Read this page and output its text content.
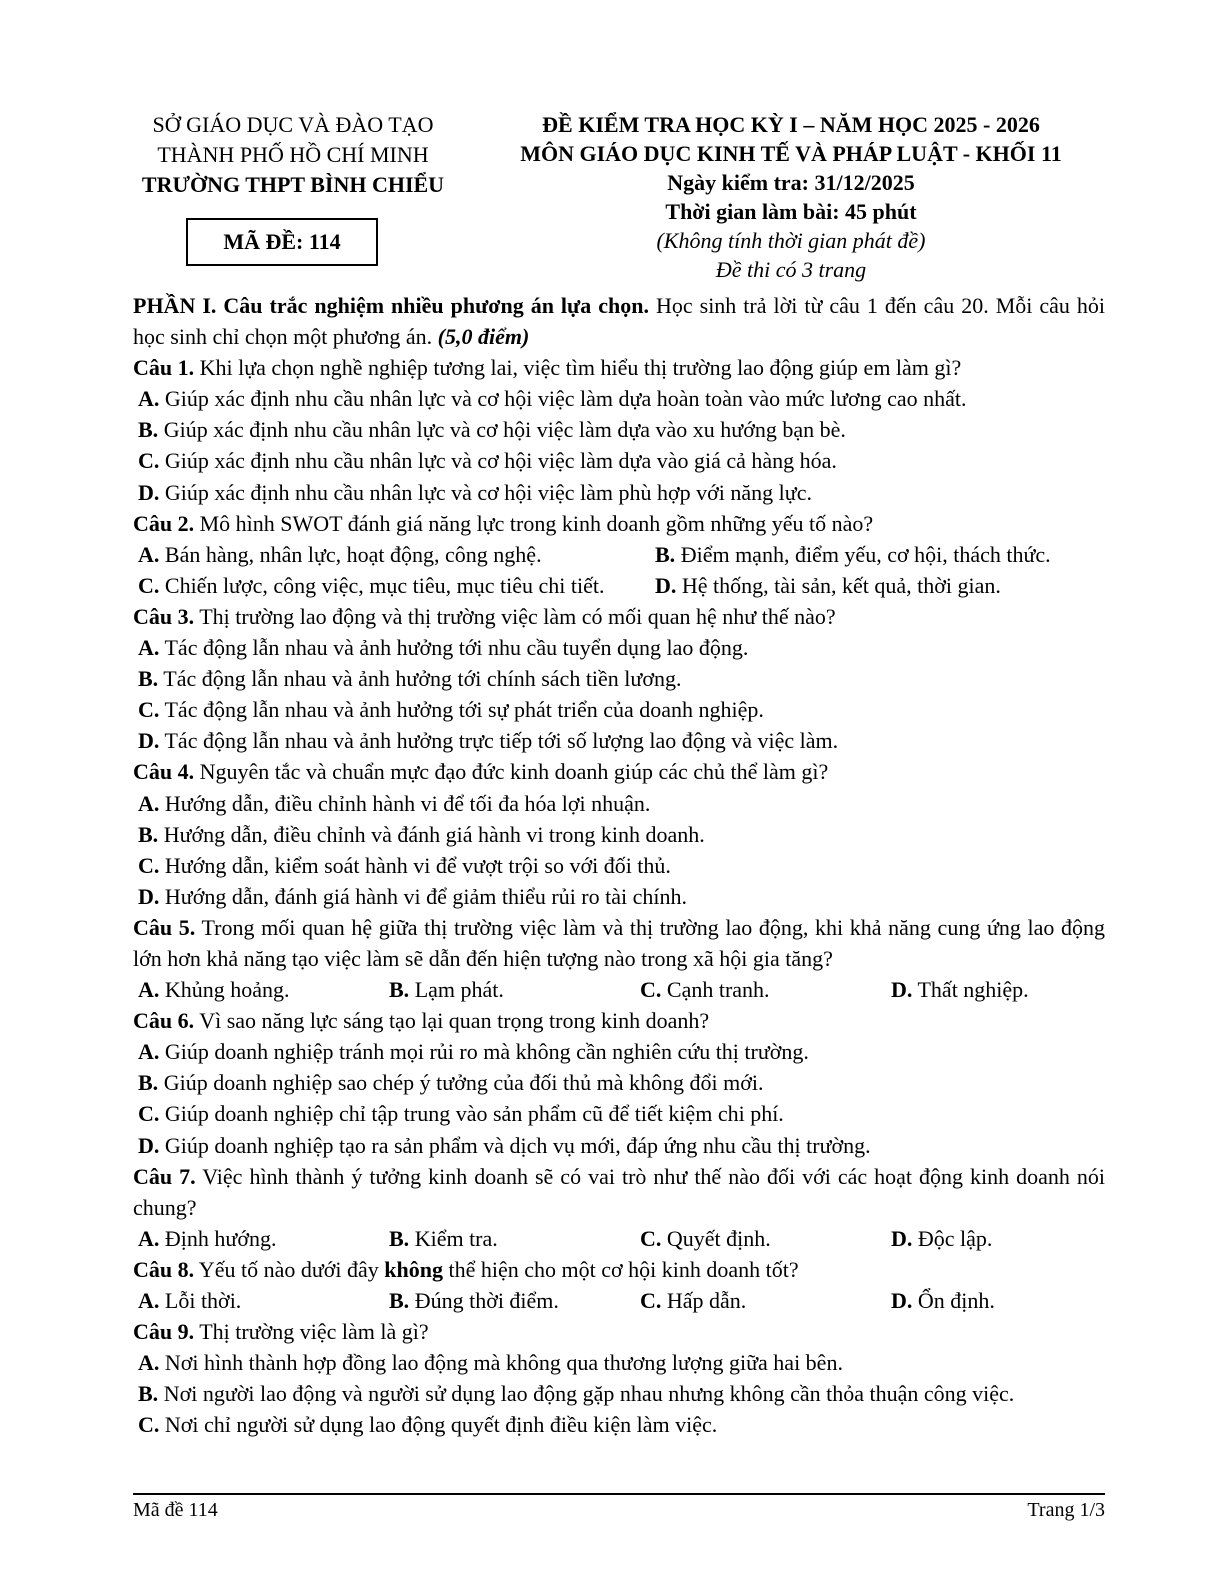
SỞ GIÁO DỤC VÀ ĐÀO TẠO
THÀNH PHỐ HỒ CHÍ MINH
TRƯỜNG THPT BÌNH CHIỂU
MÃ ĐỀ: 114
ĐỀ KIỂM TRA HỌC KỲ I – NĂM HỌC 2025 - 2026
MÔN GIÁO DỤC KINH TẾ VÀ PHÁP LUẬT - KHỐI 11
Ngày kiểm tra: 31/12/2025
Thời gian làm bài: 45 phút
(Không tính thời gian phát đề)
Đề thi có 3 trang

PHẦN I. Câu trắc nghiệm nhiều phương án lựa chọn. Học sinh trả lời từ câu 1 đến câu 20. Mỗi câu hỏi học sinh chỉ chọn một phương án. (5,0 điểm)

Câu 1. Khi lựa chọn nghề nghiệp tương lai, việc tìm hiểu thị trường lao động giúp em làm gì?

A. Giúp xác định nhu cầu nhân lực và cơ hội việc làm dựa hoàn toàn vào mức lương cao nhất.

B. Giúp xác định nhu cầu nhân lực và cơ hội việc làm dựa vào xu hướng bạn bè.

C. Giúp xác định nhu cầu nhân lực và cơ hội việc làm dựa vào giá cả hàng hóa.

D. Giúp xác định nhu cầu nhân lực và cơ hội việc làm phù hợp với năng lực.

Câu 2. Mô hình SWOT đánh giá năng lực trong kinh doanh gồm những yếu tố nào?

A. Bán hàng, nhân lực, hoạt động, công nghệ.	B. Điểm mạnh, điểm yếu, cơ hội, thách thức.
C. Chiến lược, công việc, mục tiêu, mục tiêu chi tiết.	D. Hệ thống, tài sản, kết quả, thời gian.

Câu 3. Thị trường lao động và thị trường việc làm có mối quan hệ như thế nào?

A. Tác động lẫn nhau và ảnh hưởng tới nhu cầu tuyển dụng lao động.

B. Tác động lẫn nhau và ảnh hưởng tới chính sách tiền lương.

C. Tác động lẫn nhau và ảnh hưởng tới sự phát triển của doanh nghiệp.

D. Tác động lẫn nhau và ảnh hưởng trực tiếp tới số lượng lao động và việc làm.

Câu 4. Nguyên tắc và chuẩn mực đạo đức kinh doanh giúp các chủ thể làm gì?

A. Hướng dẫn, điều chỉnh hành vi để tối đa hóa lợi nhuận.

B. Hướng dẫn, điều chỉnh và đánh giá hành vi trong kinh doanh.

C. Hướng dẫn, kiểm soát hành vi để vượt trội so với đối thủ.

D. Hướng dẫn, đánh giá hành vi để giảm thiểu rủi ro tài chính.

Câu 5. Trong mối quan hệ giữa thị trường việc làm và thị trường lao động, khi khả năng cung ứng lao động lớn hơn khả năng tạo việc làm sẽ dẫn đến hiện tượng nào trong xã hội gia tăng?

A. Khủng hoảng.	B. Lạm phát.	C. Cạnh tranh.	D. Thất nghiệp.

Câu 6. Vì sao năng lực sáng tạo lại quan trọng trong kinh doanh?

A. Giúp doanh nghiệp tránh mọi rủi ro mà không cần nghiên cứu thị trường.

B. Giúp doanh nghiệp sao chép ý tưởng của đối thủ mà không đổi mới.

C. Giúp doanh nghiệp chỉ tập trung vào sản phẩm cũ để tiết kiệm chi phí.

D. Giúp doanh nghiệp tạo ra sản phẩm và dịch vụ mới, đáp ứng nhu cầu thị trường.

Câu 7. Việc hình thành ý tưởng kinh doanh sẽ có vai trò như thế nào đối với các hoạt động kinh doanh nói chung?

A. Định hướng.	B. Kiểm tra.	C. Quyết định.	D. Độc lập.

Câu 8. Yếu tố nào dưới đây không thể hiện cho một cơ hội kinh doanh tốt?

A. Lỗi thời.	B. Đúng thời điểm.	C. Hấp dẫn.	D. Ổn định.

Câu 9. Thị trường việc làm là gì?

A. Nơi hình thành hợp đồng lao động mà không qua thương lượng giữa hai bên.

B. Nơi người lao động và người sử dụng lao động gặp nhau nhưng không cần thỏa thuận công việc.

C. Nơi chỉ người sử dụng lao động quyết định điều kiện làm việc.

Mã đề 114	Trang 1/3
